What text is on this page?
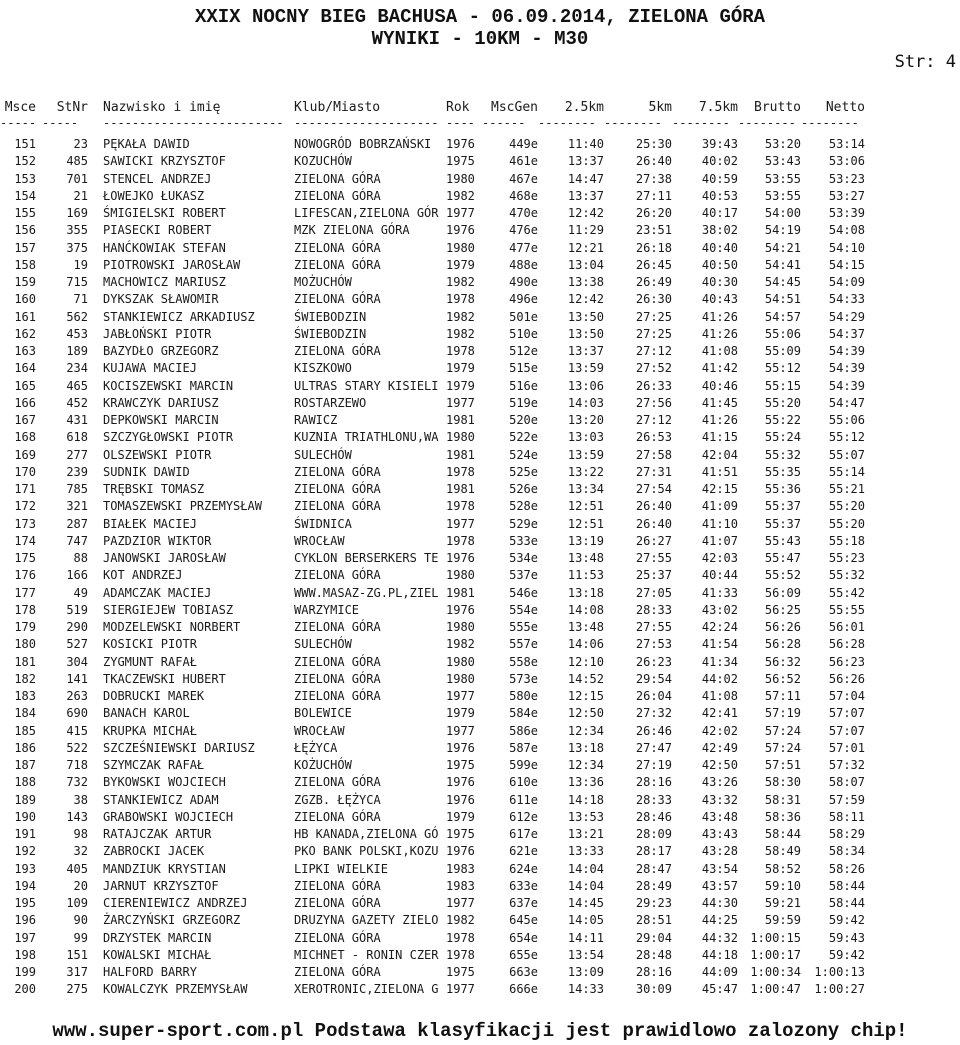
XXIX NOCNY BIEG BACHUSA - 06.09.2014, ZIELONA GÓRA
WYNIKI - 10KM - M30
Str: 4
Msce	StNr Nazwisko i imię	Klub/Miasto	Rok	MscGen	2.5km	5km	7.5km	Brutto	Netto
----- -----	------------------------- -------------------- ---- ------	-------- -------- -------- -------- --------
151	23 PĘKAŁA DAWID	NOWOGRÓD BOBRZAŃSKI	1976	449e	11:40	25:30	39:43	53:20	53:14
152	485 SAWICKI KRZYSZTOF	KOZUCHÓW	1975	461e	13:37	26:40	40:02	53:43	53:06
153	701 STENCEL ANDRZEJ	ZIELONA GÓRA	1980	467e	14:47	27:38	40:59	53:55	53:23
154	21 ŁOWEJKO ŁUKASZ	ZIELONA GÓRA	1982	468e	13:37	27:11	40:53	53:55	53:27
155	169 ŚMIGIELSKI ROBERT	LIFESCAN,ZIELONA GÓR 1977	470e	12:42	26:20	40:17	54:00	53:39
156	355 PIASECKI ROBERT	MZK ZIELONA GÓRA	1976	476e	11:29	23:51	38:02	54:19	54:08
157	375 HANĆKOWIAK STEFAN	ZIELONA GÓRA	1980	477e	12:21	26:18	40:40	54:21	54:10
158	19 PIOTROWSKI JAROSŁAW	ZIELONA GÓRA	1979	488e	13:04	26:45	40:50	54:41	54:15
159	715 MACHOWICZ MARIUSZ	MOŻUCHÓW	1982	490e	13:38	26:49	40:30	54:45	54:09
160	71 DYKSZAK SŁAWOMIR	ZIELONA GÓRA	1978	496e	12:42	26:30	40:43	54:51	54:33
161	562 STANKIEWICZ ARKADIUSZ	ŚWIEBODZIN	1982	501e	13:50	27:25	41:26	54:57	54:29
162	453 JABŁOŃSKI PIOTR	ŚWIEBODZIN	1982	510e	13:50	27:25	41:26	55:06	54:37
163	189 BAZYDŁO GRZEGORZ	ZIELONA GÓRA	1978	512e	13:37	27:12	41:08	55:09	54:39
164	234 KUJAWA MACIEJ	KISZKOWO	1979	515e	13:59	27:52	41:42	55:12	54:39
165	465 KOCISZEWSKI MARCIN	ULTRAS STARY KISIELI 1979	516e	13:06	26:33	40:46	55:15	54:39
166	452 KRAWCZYK DARIUSZ	ROSTARZEWO	1977	519e	14:03	27:56	41:45	55:20	54:47
167	431 DEPKOWSKI MARCIN	RAWICZ	1981	520e	13:20	27:12	41:26	55:22	55:06
168	618 SZCZYGŁOWSKI PIOTR	KUZNIA TRIATHLONU,WA 1980	522e	13:03	26:53	41:15	55:24	55:12
169	277 OLSZEWSKI PIOTR	SULECHÓW	1981	524e	13:59	27:58	42:04	55:32	55:07
170	239 SUDNIK DAWID	ZIELONA GÓRA	1978	525e	13:22	27:31	41:51	55:35	55:14
171	785 TRĘBSKI TOMASZ	ZIELONA GÓRA	1981	526e	13:34	27:54	42:15	55:36	55:21
172	321 TOMASZEWSKI PRZEMYSŁAW	ZIELONA GÓRA	1978	528e	12:51	26:40	41:09	55:37	55:20
173	287 BIAŁEK MACIEJ	ŚWIDNICA	1977	529e	12:51	26:40	41:10	55:37	55:20
174	747 PAZDZIOR WIKTOR	WROCŁAW	1978	533e	13:19	26:27	41:07	55:43	55:18
175	88 JANOWSKI JAROSŁAW	CYKLON BERSERKERS TE 1976	534e	13:48	27:55	42:03	55:47	55:23
176	166 KOT ANDRZEJ	ZIELONA GÓRA	1980	537e	11:53	25:37	40:44	55:52	55:32
177	49 ADAMCZAK MACIEJ	WWW.MASAZ-ZG.PL,ZIEL 1981	546e	13:18	27:05	41:33	56:09	55:42
178	519 SIERGIEJEW TOBIASZ	WARZYMICE	1976	554e	14:08	28:33	43:02	56:25	55:55
179	290 MODZELEWSKI NORBERT	ZIELONA GÓRA	1980	555e	13:48	27:55	42:24	56:26	56:01
180	527 KOSICKI PIOTR	SULECHÓW	1982	557e	14:06	27:53	41:54	56:28	56:28
181	304 ZYGMUNT RAFAŁ	ZIELONA GÓRA	1980	558e	12:10	26:23	41:34	56:32	56:23
182	141 TKACZEWSKI HUBERT	ZIELONA GÓRA	1980	573e	14:52	29:54	44:02	56:52	56:26
183	263 DOBRUCKI MAREK	ZIELONA GÓRA	1977	580e	12:15	26:04	41:08	57:11	57:04
184	690 BANACH KAROL	BOLEWICE	1979	584e	12:50	27:32	42:41	57:19	57:07
185	415 KRUPKA MICHAŁ	WROCŁAW	1977	586e	12:34	26:46	42:02	57:24	57:07
186	522 SZCZEŚNIEWSKI DARIUSZ	ŁĘŻYCA	1976	587e	13:18	27:47	42:49	57:24	57:01
187	718 SZYMCZAK RAFAŁ	KOŻUCHÓW	1975	599e	12:34	27:19	42:50	57:51	57:32
188	732 BYKOWSKI WOJCIECH	ZIELONA GÓRA	1976	610e	13:36	28:16	43:26	58:30	58:07
189	38 STANKIEWICZ ADAM	ZGZB. ŁĘŻYCA	1976	611e	14:18	28:33	43:32	58:31	57:59
190	143 GRABOWSKI WOJCIECH	ZIELONA GÓRA	1979	612e	13:53	28:46	43:48	58:36	58:11
191	98 RATAJCZAK ARTUR	HB KANADA,ZIELONA GÓ 1975	617e	13:21	28:09	43:43	58:44	58:29
192	32 ZABROCKI JACEK	PKO BANK POLSKI,KOZU 1976	621e	13:33	28:17	43:28	58:49	58:34
193	405 MANDZIUK KRYSTIAN	LIPKI WIELKIE	1983	624e	14:04	28:47	43:54	58:52	58:26
194	20 JARNUT KRZYSZTOF	ZIELONA GÓRA	1983	633e	14:04	28:49	43:57	59:10	58:44
195	109 CIERENIEWICZ ANDRZEJ	ZIELONA GÓRA	1977	637e	14:45	29:23	44:30	59:21	58:44
196	90 ŻARCZYŃSKI GRZEGORZ	DRUZYNA GAZETY ZIELO 1982	645e	14:05	28:51	44:25	59:59	59:42
197	99 DRZYSTEK MARCIN	ZIELONA GÓRA	1978	654e	14:11	29:04	44:32	1:00:15	59:43
198	151 KOWALSKI MICHAŁ	MICHNET - RONIN CZER 1978	655e	13:54	28:48	44:18	1:00:17	59:42
199	317 HALFORD BARRY	ZIELONA GÓRA	1975	663e	13:09	28:16	44:09	1:00:34	1:00:13
200	275 KOWALCZYK PRZEMYSŁAW	XEROTRONIC,ZIELONA G 1977	666e	14:33	30:09	45:47	1:00:47	1:00:27
www.super-sport.com.pl Podstawa klasyfikacji jest prawidlowo zalozony chip!
